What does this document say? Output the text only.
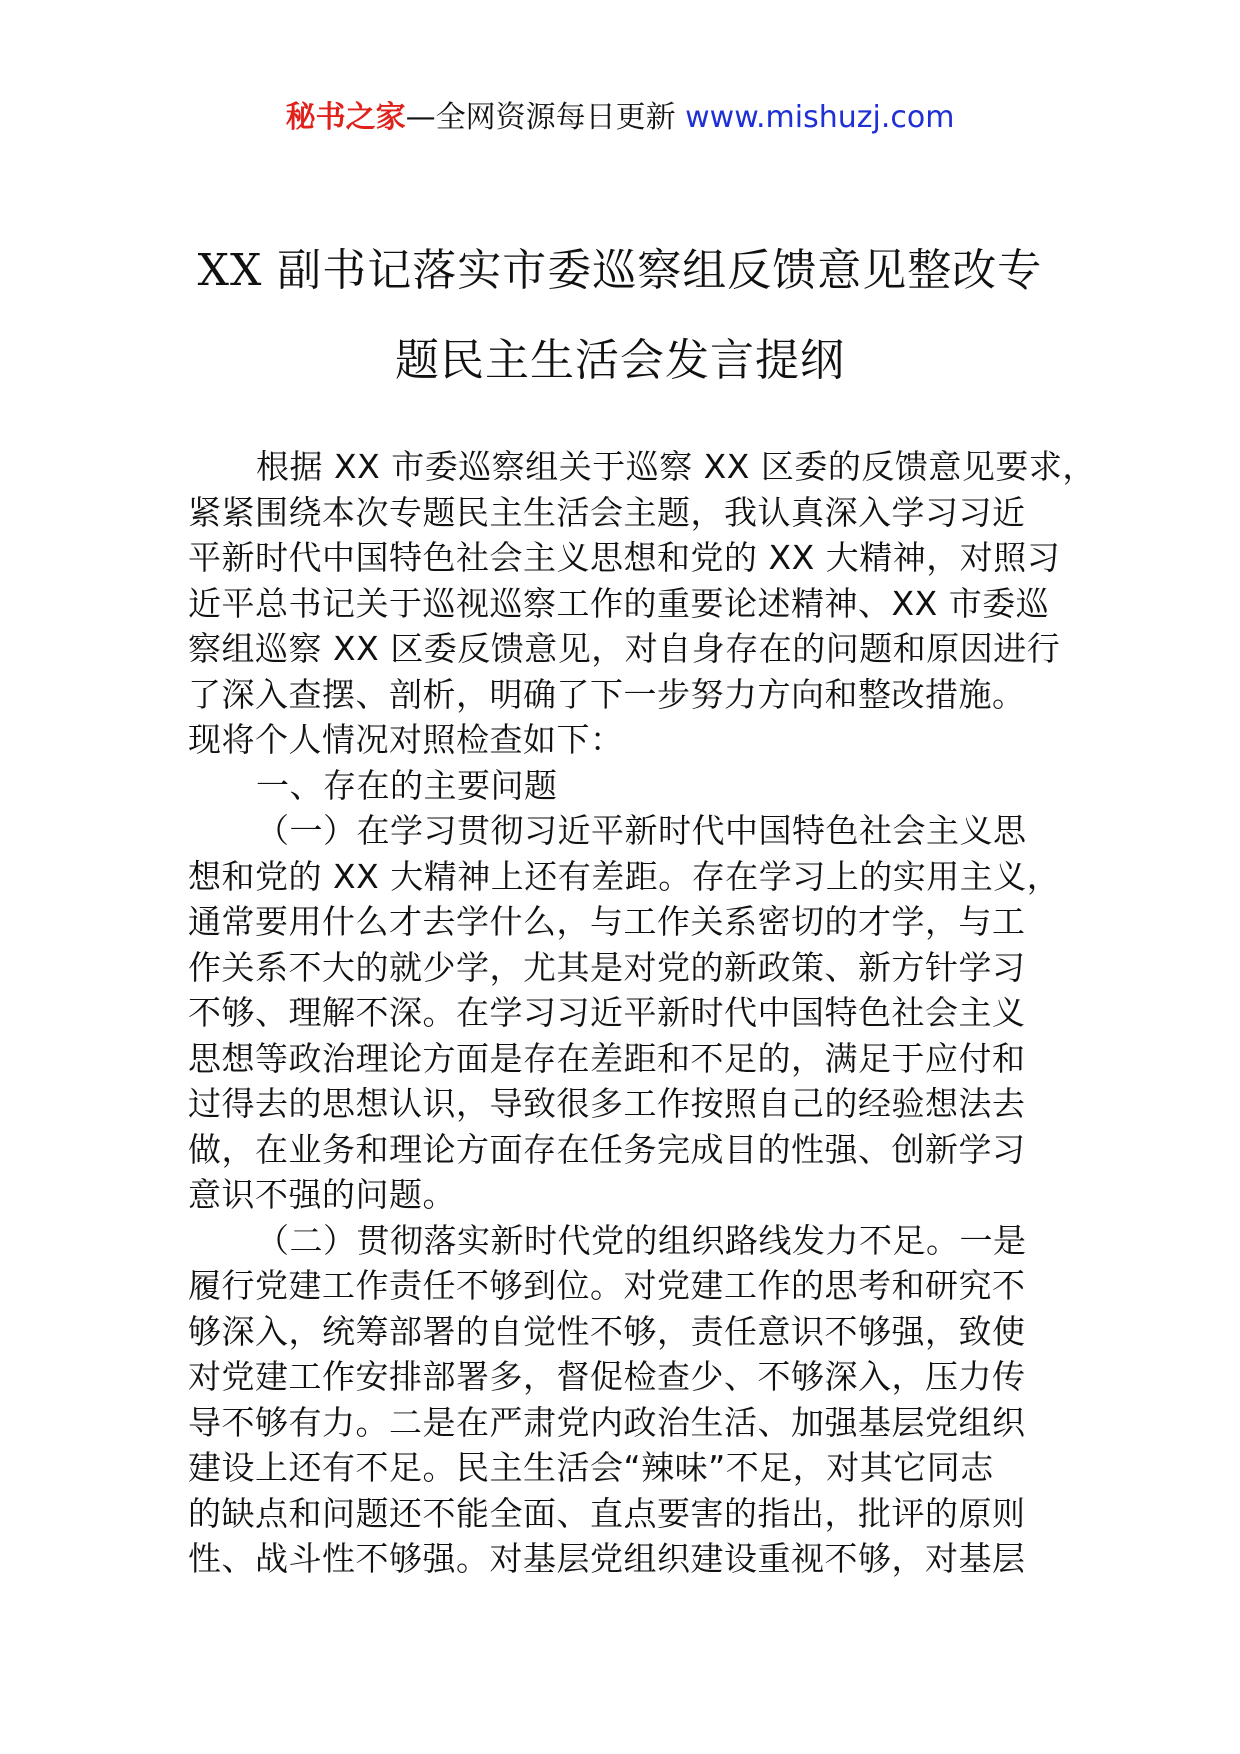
秘书之家—全网资源每日更新 www.mishuzj.com
XX 副书记落实市委巡察组反馈意见整改专
题民主生活会发言提纲
根据 XX 市委巡察组关于巡察 XX 区委的反馈意见要求，
紧紧围绕本次专题民主生活会主题，我认真深入学习习近
平新时代中国特色社会主义思想和党的 XX 大精神，对照习
近平总书记关于巡视巡察工作的重要论述精神、XX 市委巡
察组巡察 XX 区委反馈意见，对自身存在的问题和原因进行
了深入查摆、剖析，明确了下一步努力方向和整改措施。
现将个人情况对照检查如下：
一、存在的主要问题
（一）在学习贯彻习近平新时代中国特色社会主义思
想和党的 XX 大精神上还有差距。存在学习上的实用主义，
通常要用什么才去学什么，与工作关系密切的才学，与工
作关系不大的就少学，尤其是对党的新政策、新方针学习
不够、理解不深。在学习习近平新时代中国特色社会主义
思想等政治理论方面是存在差距和不足的，满足于应付和
过得去的思想认识，导致很多工作按照自己的经验想法去
做，在业务和理论方面存在任务完成目的性强、创新学习
意识不强的问题。
（二）贯彻落实新时代党的组织路线发力不足。一是
履行党建工作责任不够到位。对党建工作的思考和研究不
够深入，统筹部署的自觉性不够，责任意识不够强，致使
对党建工作安排部署多，督促检查少、不够深入，压力传
导不够有力。二是在严肃党内政治生活、加强基层党组织
建设上还有不足。民主生活会“辣味”不足，对其它同志
的缺点和问题还不能全面、直点要害的指出，批评的原则
性、战斗性不够强。对基层党组织建设重视不够，对基层
